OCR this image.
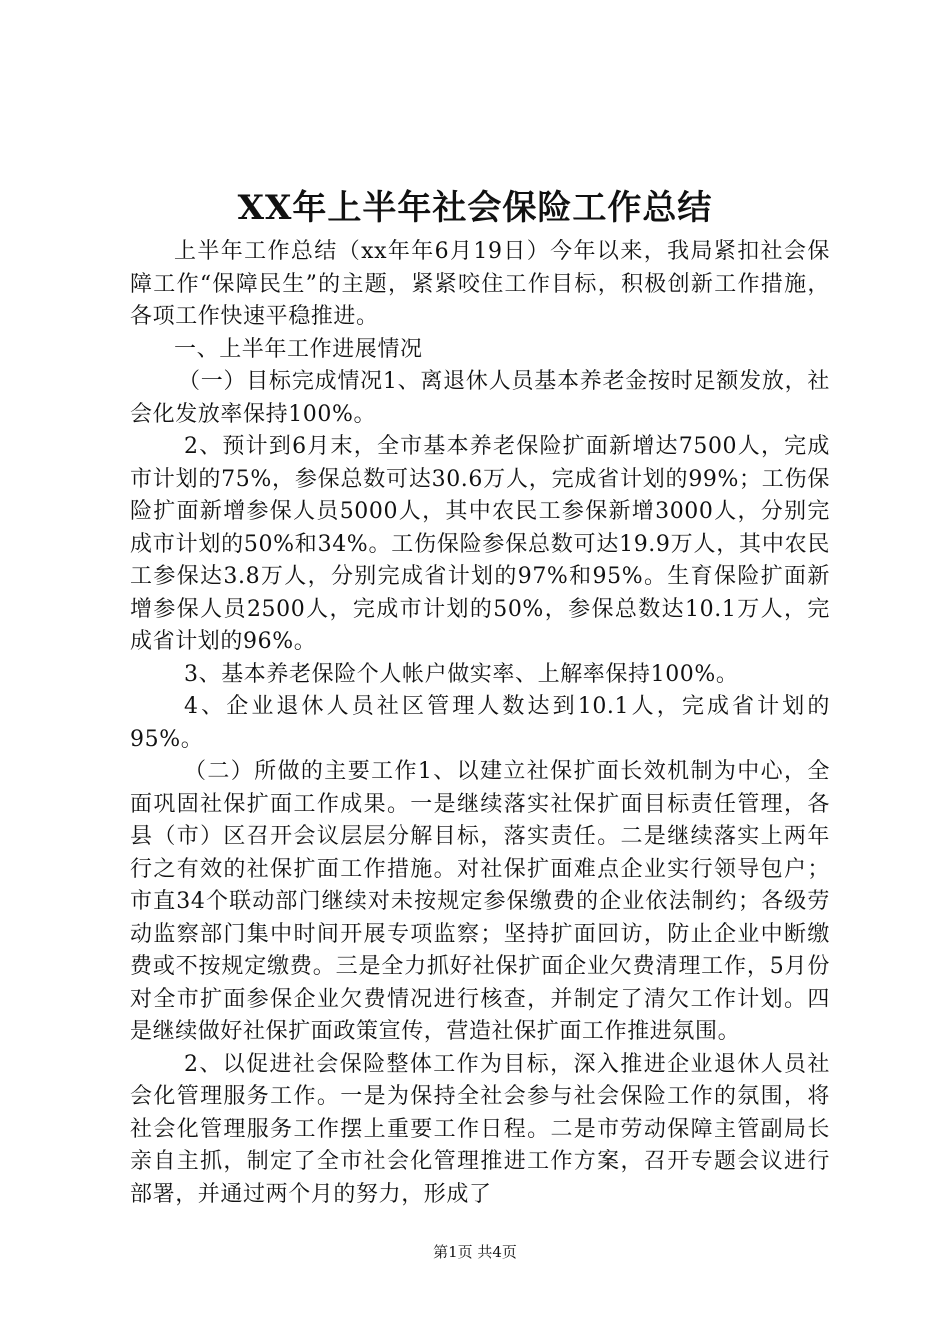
XX年上半年社会保险工作总结

上半年工作总结（xx年年6月19日）今年以来，我局紧扣社会保障工作“保障民生”的主题，紧紧咬住工作目标，积极创新工作措施，各项工作快速平稳推进。

一、上半年工作进展情况

（一）目标完成情况1、离退休人员基本养老金按时足额发放，社会化发放率保持100%。

2、预计到6月末，全市基本养老保险扩面新增达7500人，完成市计划的75%，参保总数可达30.6万人，完成省计划的99%；工伤保险扩面新增参保人员5000人，其中农民工参保新增3000人，分别完成市计划的50%和34%。工伤保险参保总数可达19.9万人，其中农民工参保达3.8万人，分别完成省计划的97%和95%。生育保险扩面新增参保人员2500人，完成市计划的50%，参保总数达10.1万人，完成省计划的96%。

3、基本养老保险个人帐户做实率、上解率保持100%。

4、企业退休人员社区管理人数达到10.1人，完成省计划的95%。

（二）所做的主要工作1、以建立社保扩面长效机制为中心，全面巩固社保扩面工作成果。一是继续落实社保扩面目标责任管理，各县（市）区召开会议层层分解目标，落实责任。二是继续落实上两年行之有效的社保扩面工作措施。对社保扩面难点企业实行领导包户；市直34个联动部门继续对未按规定参保缴费的企业依法制约；各级劳动监察部门集中时间开展专项监察；坚持扩面回访，防止企业中断缴费或不按规定缴费。三是全力抓好社保扩面企业欠费清理工作，5月份对全市扩面参保企业欠费情况进行核查，并制定了清欠工作计划。四是继续做好社保扩面政策宣传，营造社保扩面工作推进氛围。

2、以促进社会保险整体工作为目标，深入推进企业退休人员社会化管理服务工作。一是为保持全社会参与社会保险工作的氛围，将社会化管理服务工作摆上重要工作日程。二是市劳动保障主管副局长亲自主抓，制定了全市社会化管理推进工作方案，召开专题会议进行部署，并通过两个月的努力，形成了

第1页 共4页
